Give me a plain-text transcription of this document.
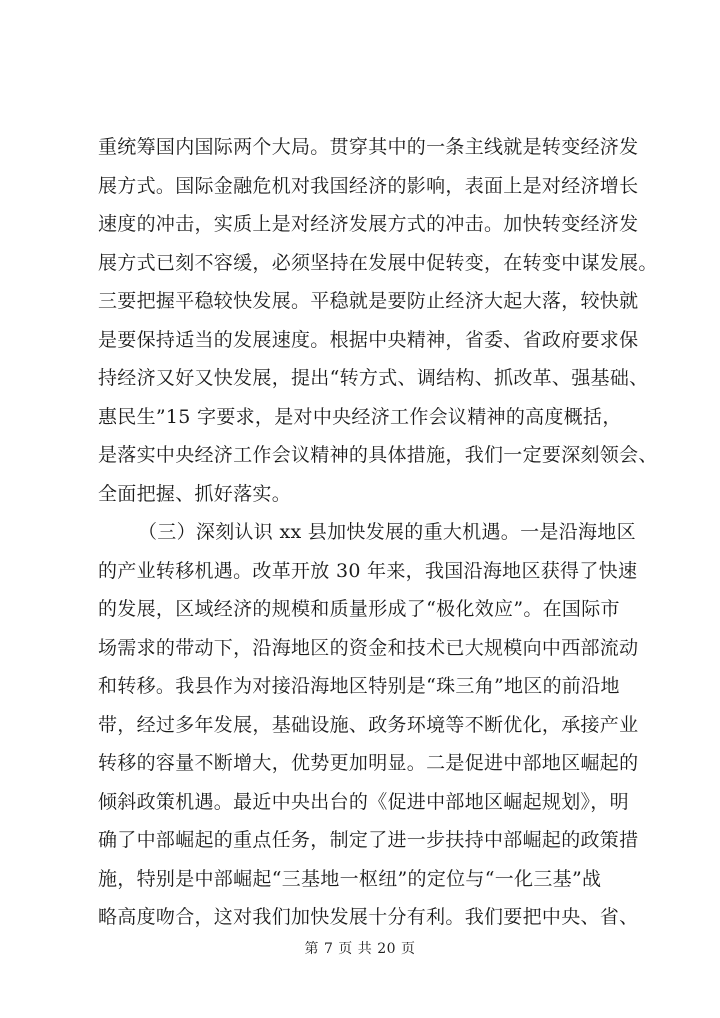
重统筹国内国际两个大局。贯穿其中的一条主线就是转变经济发
展方式。国际金融危机对我国经济的影响，表面上是对经济增长
速度的冲击，实质上是对经济发展方式的冲击。加快转变经济发
展方式已刻不容缓，必须坚持在发展中促转变，在转变中谋发展。
三要把握平稳较快发展。平稳就是要防止经济大起大落，较快就
是要保持适当的发展速度。根据中央精神，省委、省政府要求保
持经济又好又快发展，提出“转方式、调结构、抓改革、强基础、
惠民生”15 字要求，是对中央经济工作会议精神的高度概括，
是落实中央经济工作会议精神的具体措施，我们一定要深刻领会、
全面把握、抓好落实。
（三）深刻认识 xx 县加快发展的重大机遇。一是沿海地区
的产业转移机遇。改革开放 30 年来，我国沿海地区获得了快速
的发展，区域经济的规模和质量形成了“极化效应”。在国际市
场需求的带动下，沿海地区的资金和技术已大规模向中西部流动
和转移。我县作为对接沿海地区特别是“珠三角”地区的前沿地
带，经过多年发展，基础设施、政务环境等不断优化，承接产业
转移的容量不断增大，优势更加明显。二是促进中部地区崛起的
倾斜政策机遇。最近中央出台的《促进中部地区崛起规划》，明
确了中部崛起的重点任务，制定了进一步扶持中部崛起的政策措
施，特别是中部崛起“三基地一枢纽”的定位与“一化三基”战
略高度吻合，这对我们加快发展十分有利。我们要把中央、省、
第 7 页 共 20 页
